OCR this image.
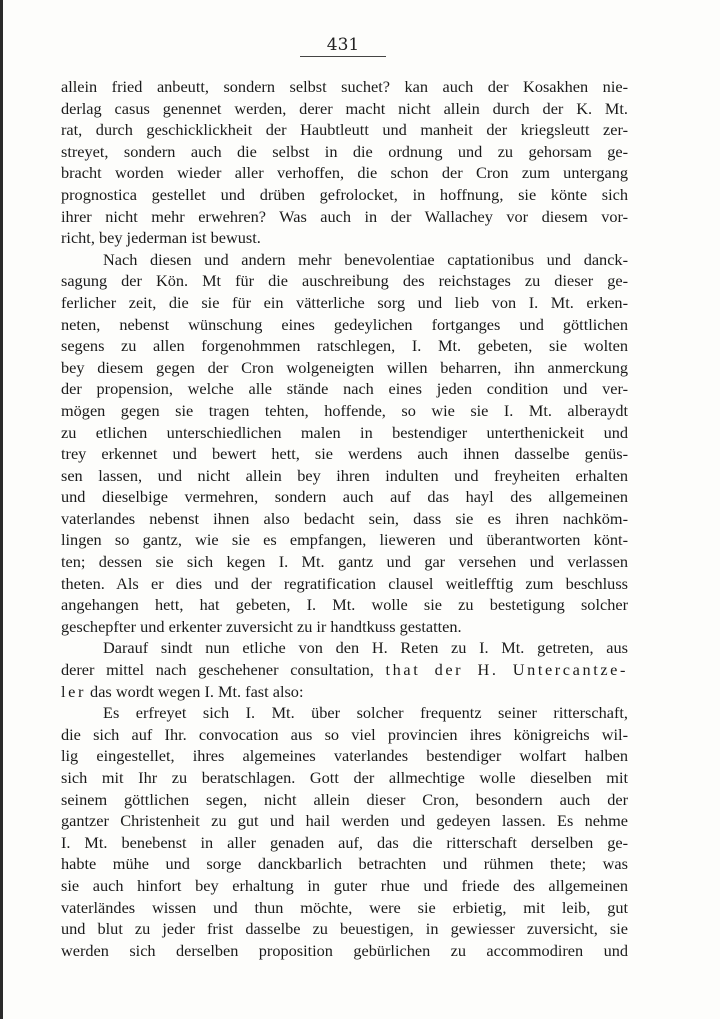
431
allein fried anbeutt, sondern selbst suchet? kan auch der Kosakhen nie-
derlag casus genennet werden, derer macht nicht allein durch der K. Mt.
rat, durch geschicklickheit der Haubtleutt und manheit der kriegsleutt zer-
streyet, sondern auch die selbst in die ordnung und zu gehorsam ge-
bracht worden wieder aller verhoffen, die schon der Cron zum untergang
prognostica gestellet und drüben gefrolocket, in hoffnung, sie könte sich
ihrer nicht mehr erwehren? Was auch in der Wallachey vor diesem vor-
richt, bey jederman ist bewust.
Nach diesen und andern mehr benevolentiae captationibus und danck-
sagung der Kön. Mt für die auschreibung des reichstages zu dieser ge-
ferlicher zeit, die sie für ein vätterliche sorg und lieb von I. Mt. erken-
neten, nebenst wünschung eines gedeylichen fortganges und göttlichen
segens zu allen forgenohmmen ratschlegen, I. Mt. gebeten, sie wolten
bey diesem gegen der Cron wolgeneigten willen beharren, ihn anmerckung
der propension, welche alle stände nach eines jeden condition und ver-
mögen gegen sie tragen tehten, hoffende, so wie sie I. Mt. alberaydt
zu etlichen unterschiedlichen malen in bestendiger unterthenickeit und
trey erkennet und bewert hett, sie werdens auch ihnen dasselbe genüs-
sen lassen, und nicht allein bey ihren indulten und freyheiten erhalten
und dieselbige vermehren, sondern auch auf das hayl des allgemeinen
vaterlandes nebenst ihnen also bedacht sein, dass sie es ihren nachköm-
lingen so gantz, wie sie es empfangen, lieweren und überantworten könt-
ten; dessen sie sich kegen I. Mt. gantz und gar versehen und verlassen
theten. Als er dies und der regratification clausel weitlefftig zum beschluss
angehangen hett, hat gebeten, I. Mt. wolle sie zu bestetigung solcher
geschepfter und erkenter zuversicht zu ir handtkuss gestatten.
Darauf sindt nun etliche von den H. Reten zu I. Mt. getreten, aus
derer mittel nach geschehener consultation, that der H. Untercantze-
ler das wordt wegen I. Mt. fast also:
Es erfreyet sich I. Mt. über solcher frequentz seiner ritterschaft,
die sich auf Ihr. convocation aus so viel provincien ihres königreichs wil-
lig eingestellet, ihres algemeines vaterlandes bestendiger wolfart halben
sich mit Ihr zu beratschlagen. Gott der allmechtige wolle dieselben mit
seinem göttlichen segen, nicht allein dieser Cron, besondern auch der
gantzer Christenheit zu gut und hail werden und gedeyen lassen. Es nehme
I. Mt. benebenst in aller genaden auf, das die ritterschaft derselben ge-
habte mühe und sorge danckbarlich betrachten und rühmen thete; was
sie auch hinfort bey erhaltung in guter rhue und friede des allgemeinen
vaterländes wissen und thun möchte, were sie erbietig, mit leib, gut
und blut zu jeder frist dasselbe zu beuestigen, in gewiesser zuversicht, sie
werden sich derselben proposition gebürlichen zu accommodiren und
